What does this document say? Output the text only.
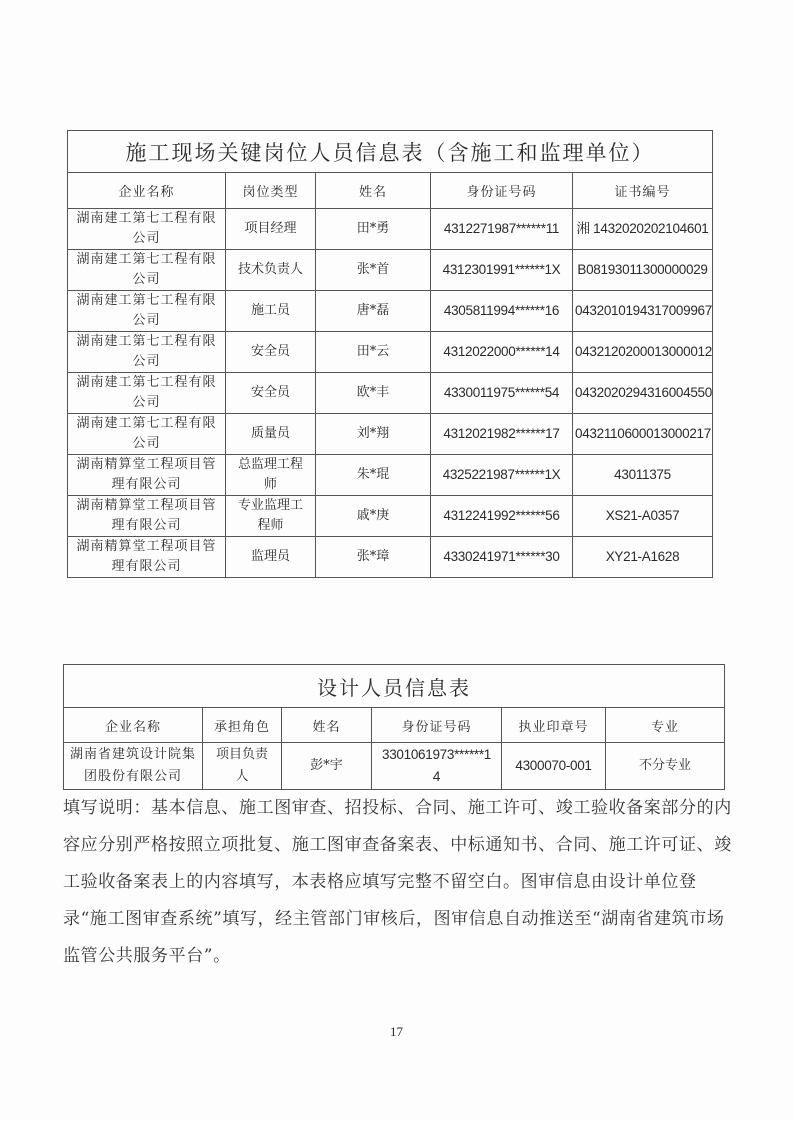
施工现场关键岗位人员信息表（含施工和监理单位）				
企业名称	岗位类型	姓名	身份证号码	证书编号
湖南建工第七工程有限公司	项目经理	田*勇	4312271987******11	湘 1432020202104601
湖南建工第七工程有限公司	技术负责人	张*首	4312301991******1X	B08193011300000029
湖南建工第七工程有限公司	施工员	唐*磊	4305811994******16	0432010194317009967
湖南建工第七工程有限公司	安全员	田*云	4312022000******14	0432120200013000012
湖南建工第七工程有限公司	安全员	欧*丰	4330011975******54	0432020294316004550
湖南建工第七工程有限公司	质量员	刘*翔	4312021982******17	0432110600013000217
湖南精算堂工程项目管理有限公司	总监理工程师	朱*琨	4325221987******1X	43011375
湖南精算堂工程项目管理有限公司	专业监理工程师	戚*庚	4312241992******56	XS21-A0357
湖南精算堂工程项目管理有限公司	监理员	张*璋	4330241971******30	XY21-A1628
设计人员信息表					
企业名称	承担角色	姓名	身份证号码	执业印章号	专业
湖南省建筑设计院集团股份有限公司	项目负责人	彭*宇	3301061973******14	4300070-001	不分专业

填写说明：基本信息、施工图审查、招投标、合同、施工许可、竣工验收备案部分的内容应分别严格按照立项批复、施工图审查备案表、中标通知书、合同、施工许可证、竣工验收备案表上的内容填写，本表格应填写完整不留空白。图审信息由设计单位登录“施工图审查系统”填写，经主管部门审核后，图审信息自动推送至“湖南省建筑市场监管公共服务平台”。

17
